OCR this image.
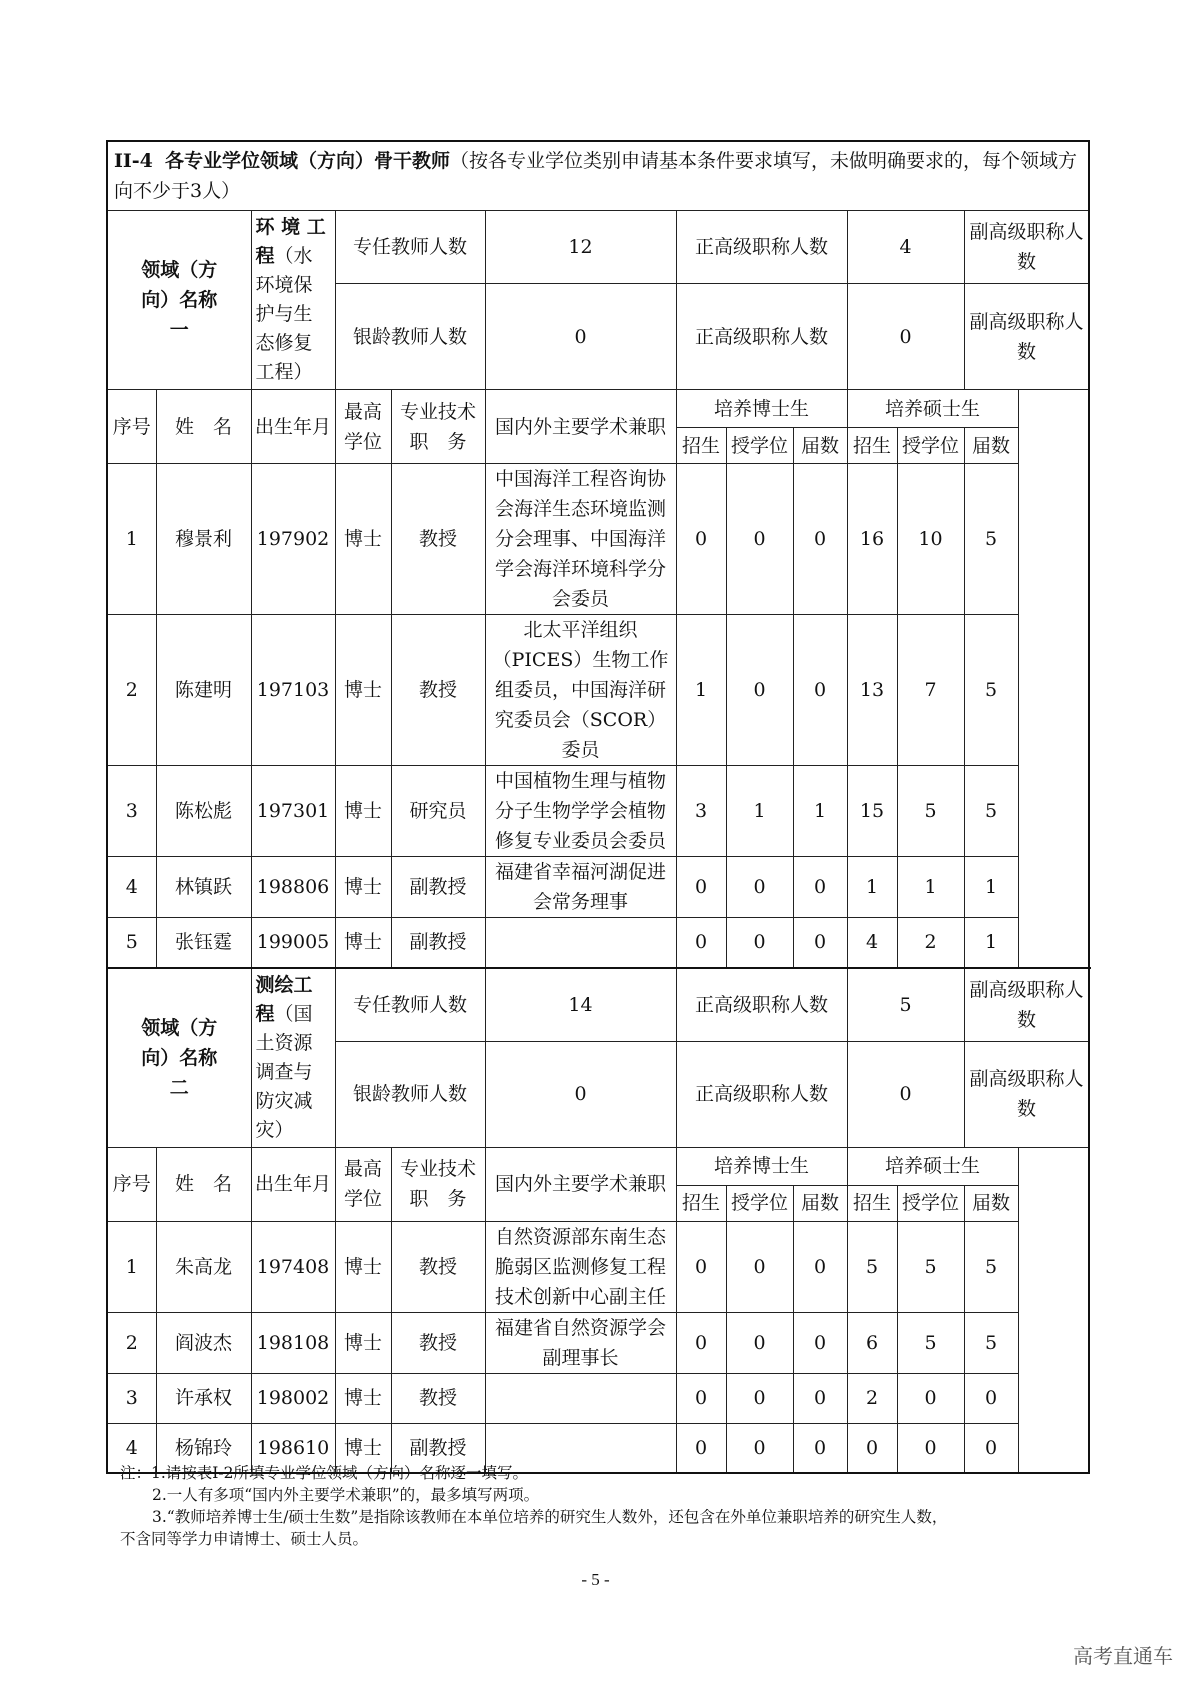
II-4 各专业学位领域（方向）骨干教师（按各专业学位类别申请基本条件要求填写，未做明确要求的，每个领域方向不少于3人）												
领域（方向）名称一		环 境 工程（水环境保护与生态修复工程）	专任教师人数		12	正高级职称人数			4		副高级职称人数	
			银龄教师人数		0	正高级职称人数			0		副高级职称人数	
序号	姓　名	出生年月	最高学位	专业技术职　务	国内外主要学术兼职	培养博士生			培养硕士生			
						招生	授学位	届数	招生	授学位	届数	
1	穆景利	197902	博士	教授	中国海洋工程咨询协会海洋生态环境监测分会理事、中国海洋学会海洋环境科学分会委员	0	0	0	16	10	5	
2	陈建明	197103	博士	教授	北太平洋组织（PICES）生物工作组委员，中国海洋研究委员会（SCOR）委员	1	0	0	13	7	5	
3	陈松彪	197301	博士	研究员	中国植物生理与植物分子生物学学会植物修复专业委员会委员	3	1	1	15	5	5	
4	林镇跃	198806	博士	副教授	福建省幸福河湖促进会常务理事	0	0	0	1	1	1	
5	张钰霆	199005	博士	副教授		0	0	0	4	2	1	
领域（方向）名称二		测绘工程（国土资源调查与防灾减灾）	专任教师人数		14	正高级职称人数			5		副高级职称人数	
			银龄教师人数		0	正高级职称人数			0		副高级职称人数	
序号	姓　名	出生年月	最高学位	专业技术职　务	国内外主要学术兼职	培养博士生			培养硕士生			
						招生	授学位	届数	招生	授学位	届数	
1	朱高龙	197408	博士	教授	自然资源部东南生态脆弱区监测修复工程技术创新中心副主任	0	0	0	5	5	5	
2	阎波杰	198108	博士	教授	福建省自然资源学会副理事长	0	0	0	6	5	5	
3	许承权	198002	博士	教授		0	0	0	2	0	0	
4	杨锦玲	198610	博士	副教授		0	0	0	0	0	0	
注：1.请按表I-2所填专业学位领域（方向）名称逐一填写。
2.一人有多项“国内外主要学术兼职”的，最多填写两项。
3.“教师培养博士生/硕士生数”是指除该教师在本单位培养的研究生人数外，还包含在外单位兼职培养的研究生人数，
不含同等学力申请博士、硕士人员。
- 5 -
高考直通车
